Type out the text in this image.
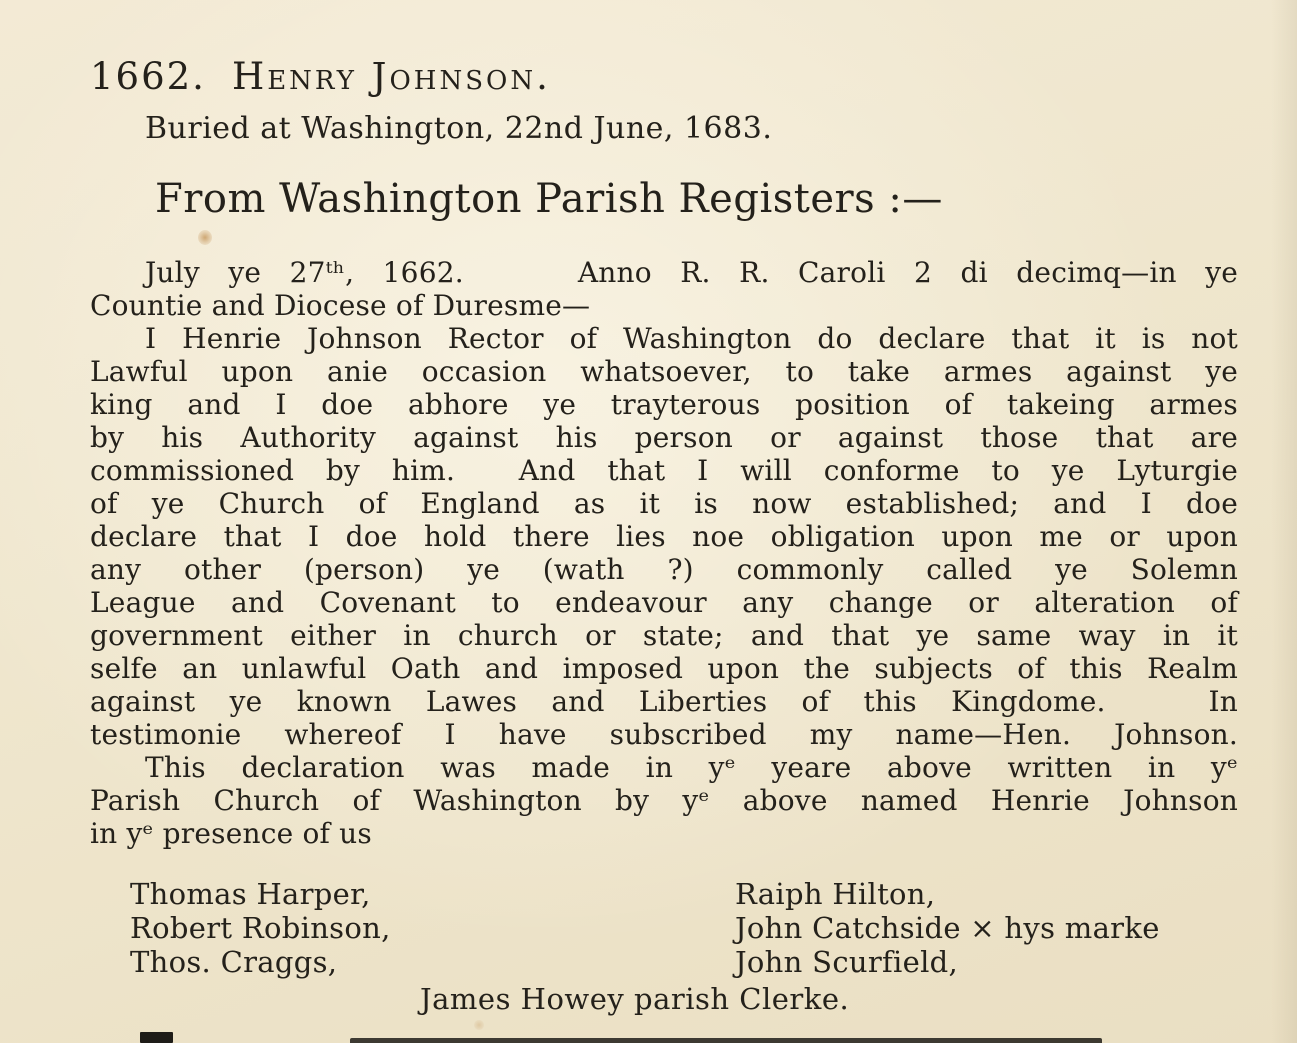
1662. Henry Johnson.
Buried at Washington, 22nd June, 1683.
From Washington Parish Registers :—
July ye 27ᵗʰ, 1662.    Anno R. R. Caroli 2 di decimq—in ye
Countie and Diocese of Duresme—
I Henrie Johnson Rector of Washington do declare that it is not
Lawful upon anie occasion whatsoever, to take armes against ye
king and I doe abhore ye trayterous position of takeing armes
by his Authority against his person or against those that are
commissioned by him.  And that I will conforme to ye Lyturgie
of ye Church of England as it is now established; and I doe
declare that I doe hold there lies noe obligation upon me or upon
any other (person) ye (wath ?) commonly called ye Solemn
League and Covenant to endeavour any change or alteration of
government either in church or state; and that ye same way in it
selfe an unlawful Oath and imposed upon the subjects of this Realm
against ye known Lawes and Liberties of this Kingdome.   In
testimonie whereof I have subscribed my name—Hen. Johnson.
This declaration was made in yᵉ yeare above written in yᵉ
Parish Church of Washington by yᵉ above named Henrie Johnson
in yᵉ presence of us
Thomas Harper,
Robert Robinson,
Thos. Craggs,
Raiph Hilton,
John Catchside × hys marke
John Scurfield,
James Howey parish Clerke.
